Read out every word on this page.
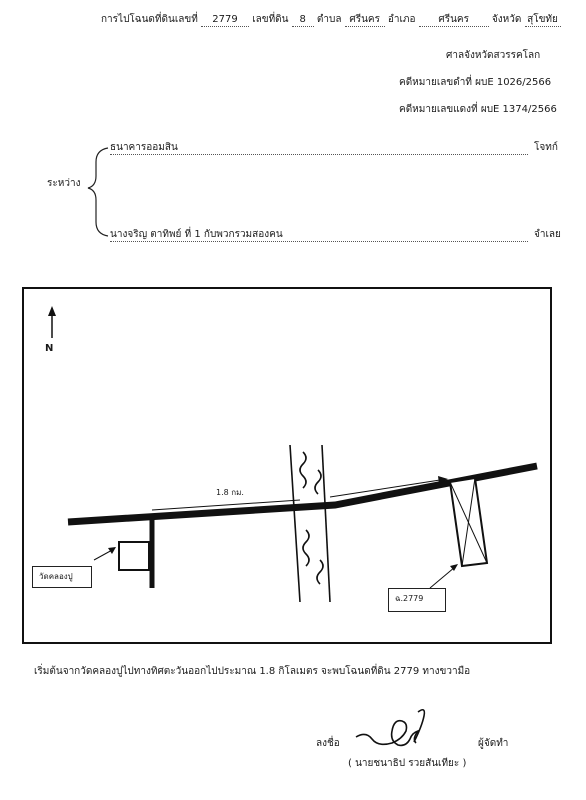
การไปโฉนดที่ดินเลขที่ 2779 เลขที่ดิน 8 ตำบล ศรีนคร อำเภอ ศรีนคร จังหวัด สุโขทัย
ศาลจังหวัดสวรรคโลก
คดีหมายเลขดำที่ ผบE 1026/2566
คดีหมายเลขแดงที่ ผบE 1374/2566
ระหว่าง
ธนาคารออมสิน	โจทก์
นางจริญ ตาทิพย์ ที่ 1 กับพวกรวมสองคน	จำเลย
N
1.8 กม.
วัดคลองปู
ฉ.2779
เริ่มต้นจากวัดคลองปูไปทางทิศตะวันออกไปประมาณ 1.8 กิโลเมตร จะพบโฉนดที่ดิน 2779 ทางขวามือ
ลงชื่อ	ผู้จัดทำ
( นายชนาธิป รวยสันเทียะ )
